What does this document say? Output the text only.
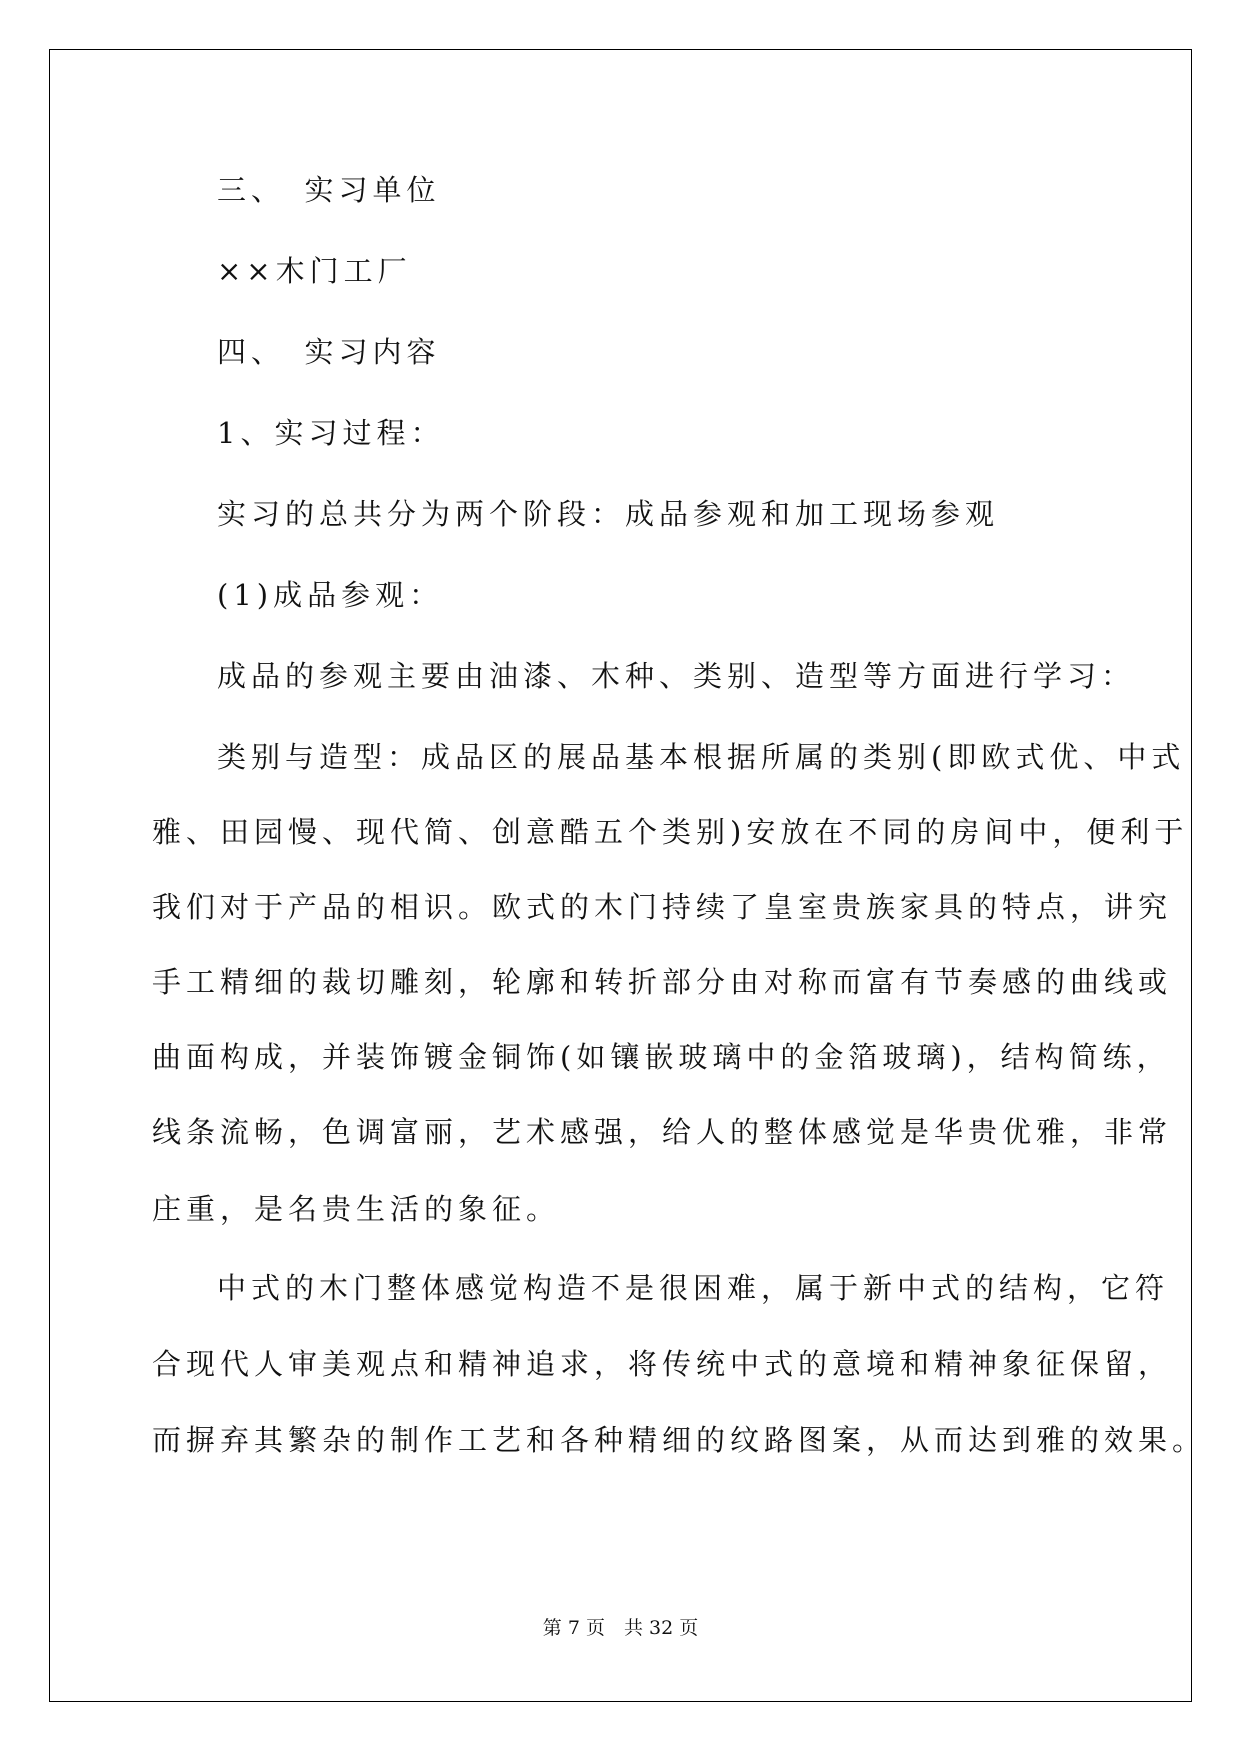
三、　实习单位
××木门工厂
四、　实习内容
1、实习过程：
实习的总共分为两个阶段：成品参观和加工现场参观
(1)成品参观：
成品的参观主要由油漆、木种、类别、造型等方面进行学习：
类别与造型：成品区的展品基本根据所属的类别(即欧式优、中式
雅、田园慢、现代简、创意酷五个类别)安放在不同的房间中，便利于
我们对于产品的相识。欧式的木门持续了皇室贵族家具的特点，讲究
手工精细的裁切雕刻，轮廓和转折部分由对称而富有节奏感的曲线或
曲面构成，并装饰镀金铜饰(如镶嵌玻璃中的金箔玻璃)，结构简练，
线条流畅，色调富丽，艺术感强，给人的整体感觉是华贵优雅，非常
庄重，是名贵生活的象征。
中式的木门整体感觉构造不是很困难，属于新中式的结构，它符
合现代人审美观点和精神追求，将传统中式的意境和精神象征保留，
而摒弃其繁杂的制作工艺和各种精细的纹路图案，从而达到雅的效果。
第 7 页　共 32 页
